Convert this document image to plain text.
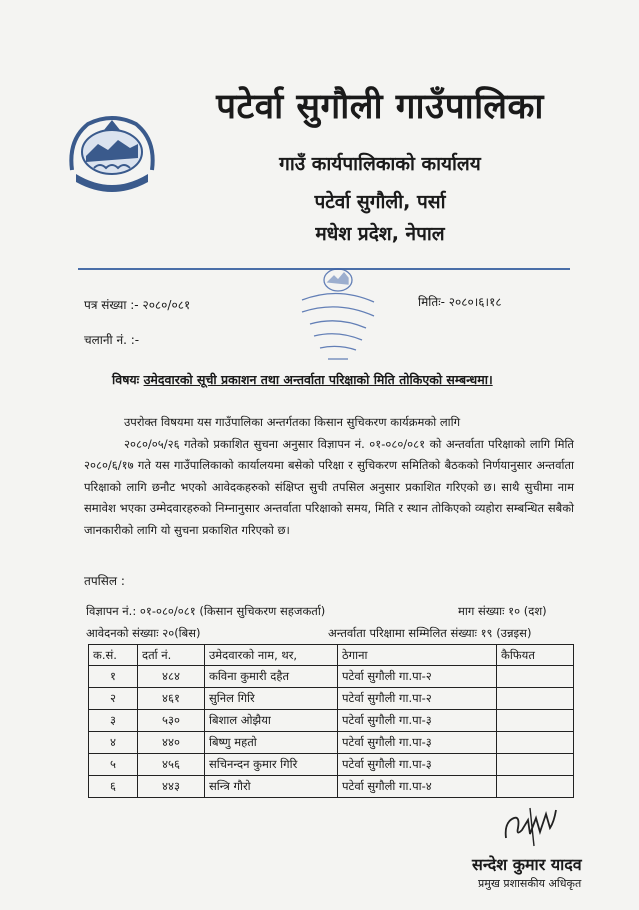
पटेर्वा सुगौली गाउँपालिका
गाउँ कार्यपालिकाको कार्यालय
पटेर्वा सुगौली, पर्सा
मधेश प्रदेश, नेपाल
पत्र संख्या :- २०८०/०८१
चलानी नं. :-
मितिः- २०८०।६।१८
विषयः उमेदवारको सूची प्रकाशन तथा अन्तर्वाता परिक्षाको मिति तोकिएको सम्बन्धमा।

उपरोक्त विषयमा यस गाउँपालिका अन्तर्गतका किसान सुचिकरण कार्यक्रमको लागि

२०८०/०५/२६ गतेको प्रकाशित सुचना अनुसार विज्ञापन नं. ०१-०८०/०८१ को अन्तर्वाता परिक्षाको लागि मिति २०८०/६/१७ गते यस गाउँपालिकाको कार्यालयमा बसेको परिक्षा र सुचिकरण समितिको बैठकको निर्णयानुसार अन्तर्वाता परिक्षाको लागि छनौट भएको आवेदकहरुको संक्षिप्त सुची तपसिल अनुसार प्रकाशित गरिएको छ। साथै सुचीमा नाम समावेश भएका उम्मेदवारहरुको निम्नानुसार अन्तर्वाता परिक्षाको समय, मिति र स्थान तोकिएको व्यहोरा सम्बन्धित सबैको जानकारीको लागि यो सुचना प्रकाशित गरिएको छ।

तपसिल :
विज्ञापन नं.: ०१-०८०/०८१ (किसान सुचिकरण सहजकर्ता)	माग संख्याः १० (दश)
आवेदनको संख्याः २०(बिस)	अन्तर्वाता परिक्षामा सम्मिलित संख्याः १९ (उन्नइस)
क.सं.	दर्ता नं.	उमेदवारको नाम, थर,	ठेगाना	कैफियत
१	४८४	कविना कुमारी दहैत	पटेर्वा सुगौली गा.पा-२	
२	४६१	सुनिल गिरि	पटेर्वा सुगौली गा.पा-२	
३	५३०	बिशाल ओझैया	पटेर्वा सुगौली गा.पा-३	
४	४४०	बिष्णु महतो	पटेर्वा सुगौली गा.पा-३	
५	४५६	सचिनन्दन कुमार गिरि	पटेर्वा सुगौली गा.पा-३	
६	४४३	सन्त्रि गौरो	पटेर्वा सुगौली गा.पा-४	
सन्देश कुमार यादव
प्रमुख प्रशासकीय अधिकृत
